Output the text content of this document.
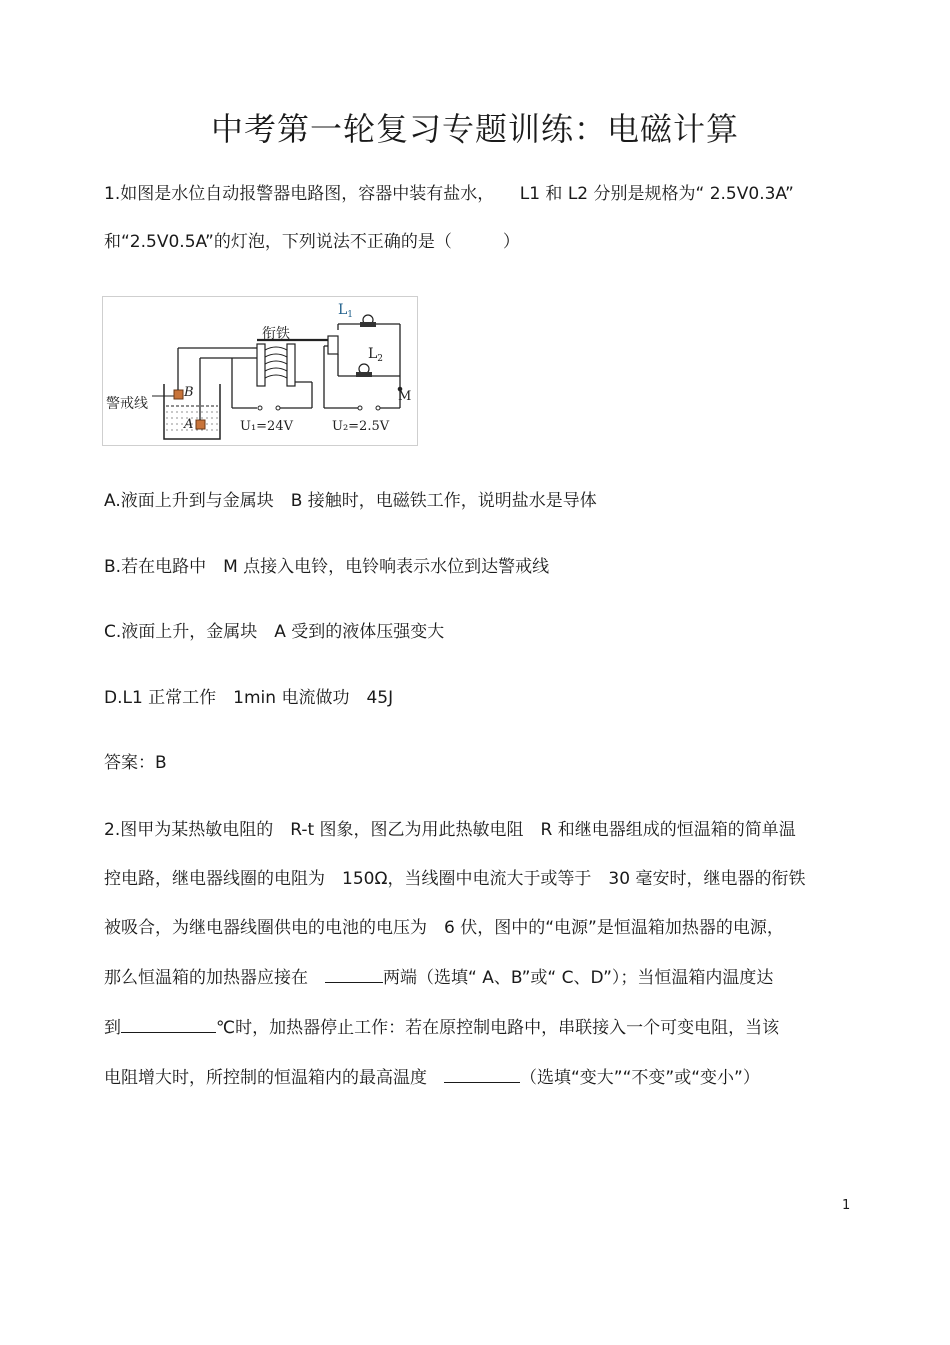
中考第一轮复习专题训练：电磁计算
1.如图是水位自动报警器电路图，容器中装有盐水，　　L1 和 L2 分别是规格为“ 2.5V0.3A”
和“2.5V0.5A”的灯泡，下列说法不正确的是（　　　）
警戒线
衔铁
$L_1$
$L_2$
B
A
M
U₁=24V	U₂=2.5V
A.液面上升到与金属块　B 接触时，电磁铁工作，说明盐水是导体
B.若在电路中　M 点接入电铃，电铃响表示水位到达警戒线
C.液面上升，金属块　A 受到的液体压强变大
D.L1 正常工作　1min 电流做功　45J
答案：B
2.图甲为某热敏电阻的　R-t 图象，图乙为用此热敏电阻　R 和继电器组成的恒温箱的简单温
控电路，继电器线圈的电阻为　150Ω，当线圈中电流大于或等于　30 毫安时，继电器的衔铁
被吸合，为继电器线圈供电的电池的电压为　6 伏，图中的“电源”是恒温箱加热器的电源，
那么恒温箱的加热器应接在　	两端（选填“ A、B”或“ C、D”）；当恒温箱内温度达
到	℃时，加热器停止工作：若在原控制电路中，串联接入一个可变电阻，当该
电阻增大时，所控制的恒温箱内的最高温度　	（选填“变大”“不变”或“变小”）
1
